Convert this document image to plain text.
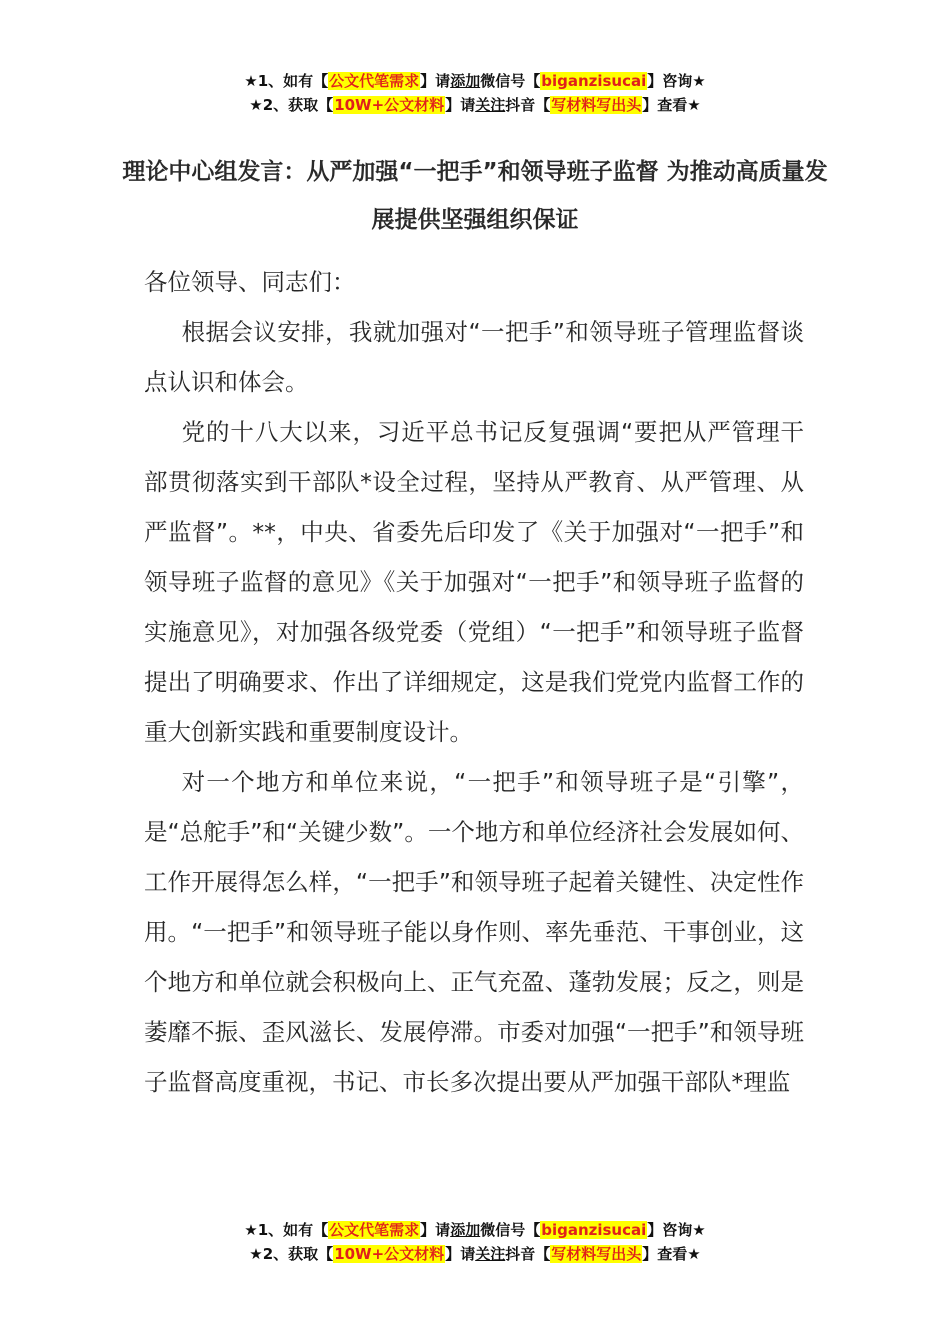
★1、如有【公文代笔需求】请添加微信号【biganzisucai】咨询★
★2、获取【10W+公文材料】请关注抖音【写材料写出头】查看★
理论中心组发言：从严加强“一把手”和领导班子监督 为推动高质量发展提供坚强组织保证

各位领导、同志们：

根据会议安排，我就加强对“一把手”和领导班子管理监督谈点认识和体会。

党的十八大以来，习近平总书记反复强调“要把从严管理干部贯彻落实到干部队*设全过程，坚持从严教育、从严管理、从严监督”。**，中央、省委先后印发了《关于加强对“一把手”和领导班子监督的意见》《关于加强对“一把手”和领导班子监督的实施意见》，对加强各级党委（党组）“一把手”和领导班子监督提出了明确要求、作出了详细规定，这是我们党党内监督工作的重大创新实践和重要制度设计。

对一个地方和单位来说，“一把手”和领导班子是“引擎”，是“总舵手”和“关键少数”。一个地方和单位经济社会发展如何、工作开展得怎么样，“一把手”和领导班子起着关键性、决定性作用。“一把手”和领导班子能以身作则、率先垂范、干事创业，这个地方和单位就会积极向上、正气充盈、蓬勃发展；反之，则是萎靡不振、歪风滋长、发展停滞。市委对加强“一把手”和领导班子监督高度重视，书记、市长多次提出要从严加强干部队*理监

★1、如有【公文代笔需求】请添加微信号【biganzisucai】咨询★
★2、获取【10W+公文材料】请关注抖音【写材料写出头】查看★
